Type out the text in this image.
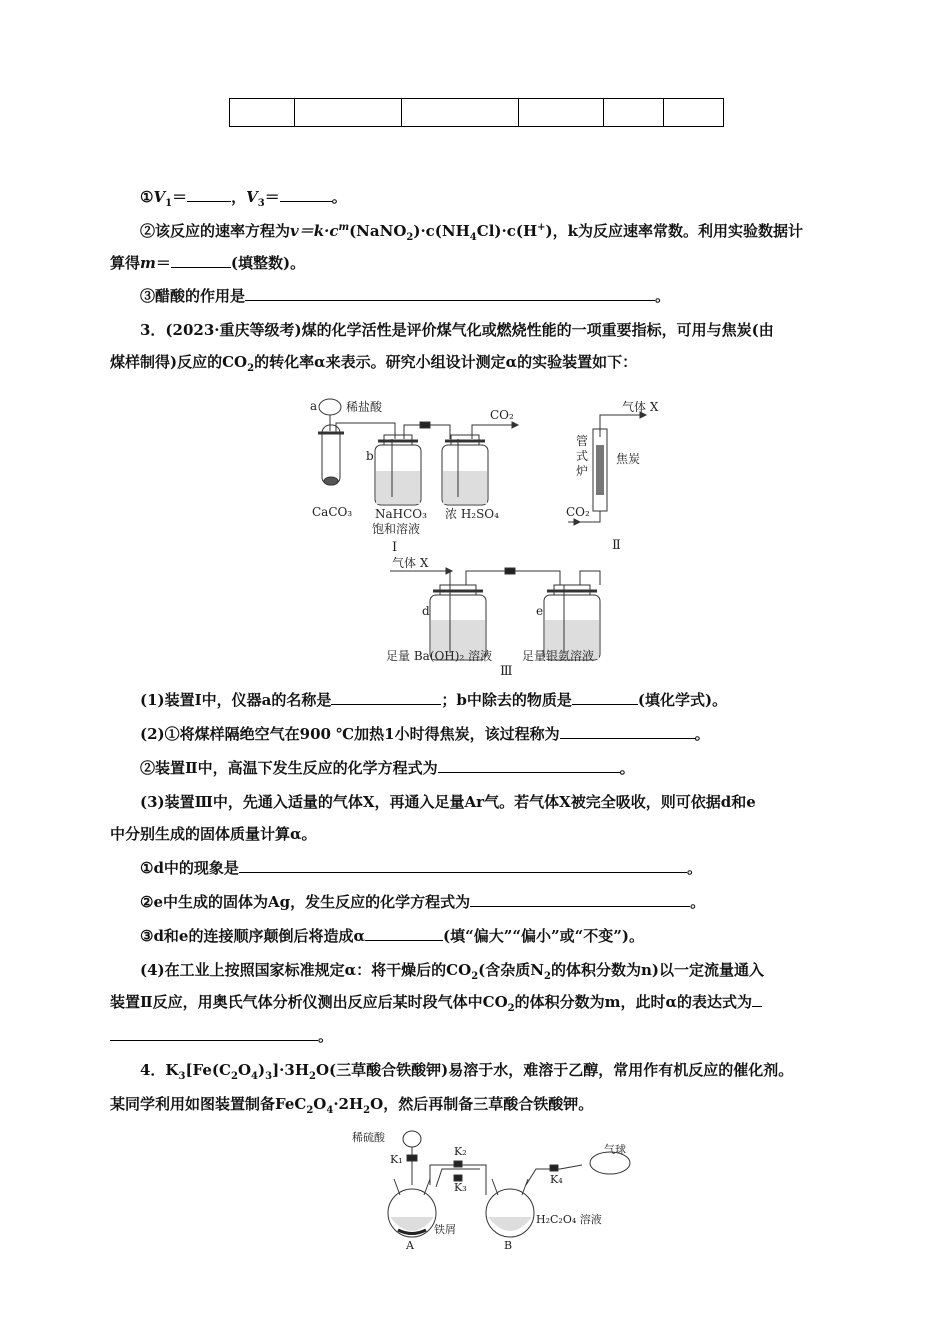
$①V_1=$	，$V_3=$	。
②该反应的速率方程为$v=k\cdot c^m(NaNO_2)\cdot c(NH_4Cl)\cdot c(H^+)$，k为反应速率常数。利用实验数据计
算得m＝	(填整数)。
③醋酸的作用是	。
3．(2023·重庆等级考)煤的化学活性是评价煤气化或燃烧性能的一项重要指标，可用与焦炭(由
煤样制得)反应的$CO_2$的转化率α来表示。研究小组设计测定α的实验装置如下：
a 稀盐酸
CO₂
b
CaCO₃ NaHCO₃
饱和溶液
浓 H₂SO₄
Ⅰ
气体 X
管
式
炉
焦炭
CO₂
Ⅱ
气体 X
d	e
足量 Ba(OH)₂ 溶液 足量银氨溶液
Ⅲ
(1)装置Ⅰ中，仪器a的名称是	；b中除去的物质是	(填化学式)。
(2)①将煤样隔绝空气在900 ℃加热1小时得焦炭，该过程称为	。
②装置Ⅱ中，高温下发生反应的化学方程式为	。
(3)装置Ⅲ中，先通入适量的气体X，再通入足量Ar气。若气体X被完全吸收，则可依据d和e
中分别生成的固体质量计算α。
①d中的现象是	。
②e中生成的固体为Ag，发生反应的化学方程式为	。
③d和e的连接顺序颠倒后将造成α	(填“偏大”“偏小”或“不变”)。
(4)在工业上按照国家标准规定α：将干燥后的$CO_2$(含杂质$N_2$的体积分数为n)以一定流量通入
装置Ⅱ反应，用奥氏气体分析仪测出反应后某时段气体中$CO_2$的体积分数为m，此时α的表达式为
。
4．$K_3[Fe(C_2O_4)_3]\cdot 3H_2O$(三草酸合铁酸钾)易溶于水，难溶于乙醇，常用作有机反应的催化剂。
某同学利用如图装置制备$FeC_2O_4\cdot 2H_2O$，然后再制备三草酸合铁酸钾。
稀硫酸
K₁
K₂
K₃
K₄
气球
铁屑
H₂C₂O₄ 溶液
A	B
